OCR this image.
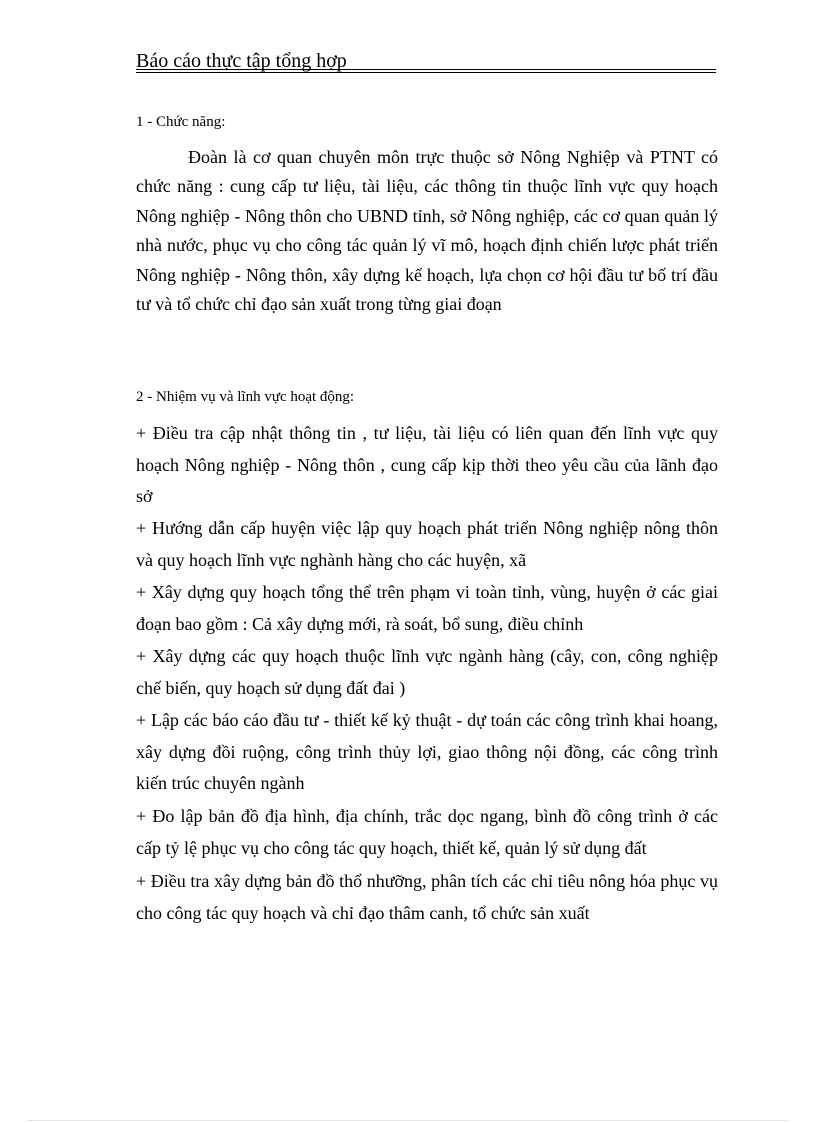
Báo cáo thực tập tổng hợp
1 - Chức năng:
Đoàn là cơ quan chuyên môn trực thuộc sở Nông Nghiệp và PTNT có chức năng : cung cấp tư liệu, tài liệu, các thông tin thuộc lĩnh vực quy hoạch Nông nghiệp - Nông thôn cho UBND tỉnh, sở Nông nghiệp, các cơ quan quản lý nhà nước, phục vụ cho công tác quản lý vĩ mô, hoạch định chiến lược phát triển Nông nghiệp - Nông thôn, xây dựng kế hoạch, lựa chọn cơ hội đầu tư bố trí đầu tư và tổ chức chỉ đạo sản xuất trong từng giai đoạn
2 - Nhiệm vụ và lĩnh vực hoạt động:
+ Điều tra cập nhật thông tin , tư liệu, tài liệu có liên quan đến lĩnh vực quy hoạch Nông nghiệp - Nông thôn , cung cấp kịp thời theo yêu cầu của lãnh đạo sở
+ Hướng dẫn cấp huyện việc lập quy hoạch phát triển Nông nghiệp nông thôn và quy hoạch lĩnh vực nghành hàng cho các huyện, xã
+ Xây dựng quy hoạch tổng thể trên phạm vi toàn tỉnh, vùng, huyện ở các giai đoạn bao gồm : Cả xây dựng mới, rà soát, bổ sung, điều chỉnh
+ Xây dựng các quy hoạch thuộc lĩnh vực ngành hàng (cây, con, công nghiệp chế biến, quy hoạch sử dụng đất đai )
+ Lập các báo cáo đầu tư - thiết kế kỷ thuật - dự toán các công trình khai hoang, xây dựng đồi ruộng, công trình thủy lợi, giao thông nội đồng, các công trình kiến trúc chuyên ngành
+ Đo lập bản đồ địa hình, địa chính, trắc dọc ngang, bình đồ công trình ở các cấp tỷ lệ phục vụ cho công tác quy hoạch, thiết kế, quản lý sử dụng đất
+ Điều tra xây dựng bản đồ thổ nhưỡng, phân tích các chỉ tiêu nông hóa phục vụ cho công tác quy hoạch và chỉ đạo thâm canh, tổ chức sản xuất
